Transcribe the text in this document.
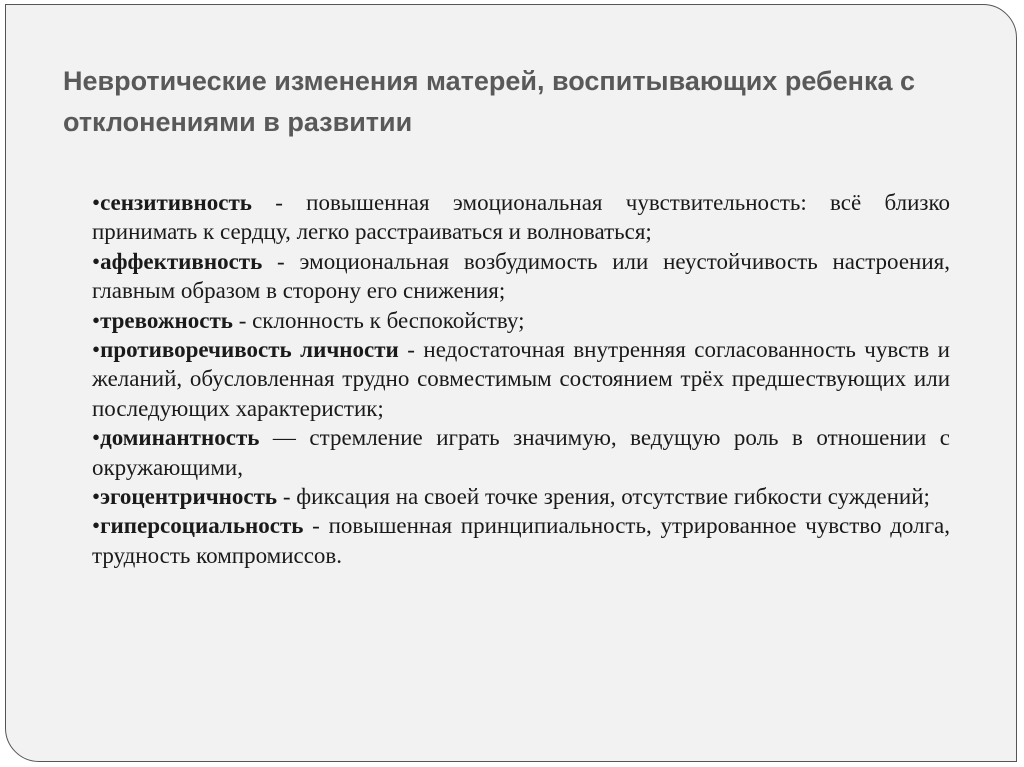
Невротические изменения матерей, воспитывающих ребенка с отклонениями в развитии
•сензитивность - повышенная эмоциональная чувствительность: всё близко принимать к сердцу, легко расстраиваться и волноваться;
•аффективность - эмоциональная возбудимость или неустойчивость настроения, главным образом в сторону его снижения;
•тревожность - склонность к беспокойству;
•противоречивость личности - недостаточная внутренняя согласованность чувств и желаний, обусловленная трудно совместимым состоянием трёх предшествующих или последующих характеристик;
•доминантность — стремление играть значимую, ведущую роль в отношении с окружающими,
•эгоцентричность - фиксация на своей точке зрения, отсутствие гибкости суждений;
•гиперсоциальность - повышенная принципиальность, утрированное чувство долга, трудность компромиссов.
